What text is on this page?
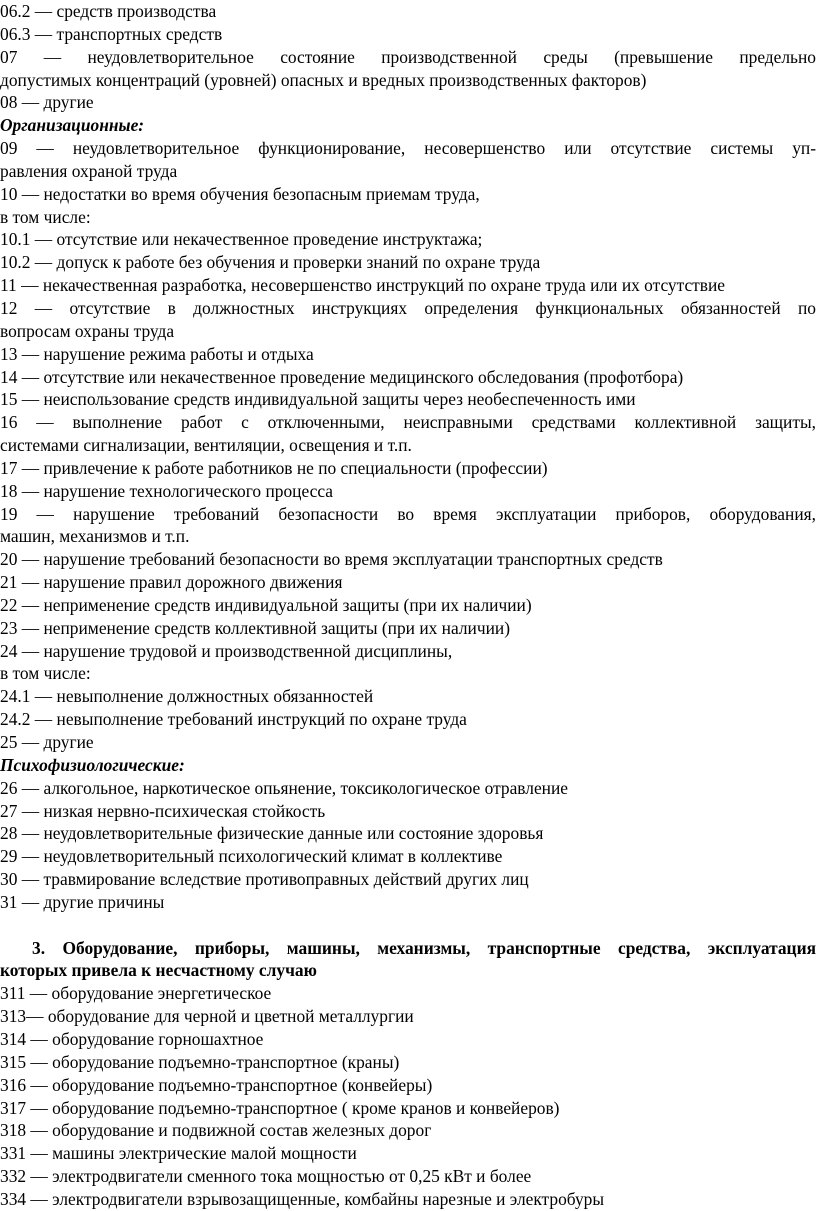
06.2 — средств производства
06.3 — транспортных средств
07 — неудовлетворительное состояние производственной среды (превышение предельно
допустимых концентраций (уровней) опасных и вредных производственных факторов)
08 — другие
Организационные:
09 — неудовлетворительное функционирование, несовершенство или отсутствие системы уп-
равления охраной труда
10 — недостатки во время обучения безопасным приемам труда,
в том числе:
10.1 — отсутствие или некачественное проведение инструктажа;
10.2 — допуск к работе без обучения и проверки знаний по охране труда
11 — некачественная разработка, несовершенство инструкций по охране труда или их отсутствие
12 — отсутствие в должностных инструкциях определения функциональных обязанностей по
вопросам охраны труда
13 — нарушение режима работы и отдыха
14 — отсутствие или некачественное проведение медицинского обследования (профотбора)
15 — неиспользование средств индивидуальной защиты через необеспеченность ими
16 — выполнение работ с отключенными, неисправными средствами коллективной защиты,
системами сигнализации, вентиляции, освещения и т.п.
17 — привлечение к работе работников не по специальности (профессии)
18 — нарушение технологического процесса
19 — нарушение требований безопасности во время эксплуатации приборов, оборудования,
машин, механизмов и т.п.
20 — нарушение требований безопасности во время эксплуатации транспортных средств
21 — нарушение правил дорожного движения
22 — неприменение средств индивидуальной защиты (при их наличии)
23 — неприменение средств коллективной защиты (при их наличии)
24 — нарушение трудовой и производственной дисциплины,
в том числе:
24.1 — невыполнение должностных обязанностей
24.2 — невыполнение требований инструкций по охране труда
25 — другие
Психофизиологические:
26 — алкогольное, наркотическое опьянение, токсикологическое отравление
27 — низкая нервно-психическая стойкость
28 — неудовлетворительные физические данные или состояние здоровья
29 — неудовлетворительный психологический климат в коллективе
30 — травмирование вследствие противоправных действий других лиц
31 — другие причины
3. Оборудование, приборы, машины, механизмы, транспортные средства, эксплуатация
которых привела к несчастному случаю
311 — оборудование энергетическое
313— оборудование для черной и цветной металлургии
314 — оборудование горношахтное
315 — оборудование подъемно-транспортное (краны)
316 — оборудование подъемно-транспортное (конвейеры)
317 — оборудование подъемно-транспортное ( кроме кранов и конвейеров)
318 — оборудование и подвижной состав железных дорог
331 — машины электрические малой мощности
332 — электродвигатели сменного тока мощностью от 0,25 кВт и более
334 — электродвигатели взрывозащищенные, комбайны нарезные и электробуры
